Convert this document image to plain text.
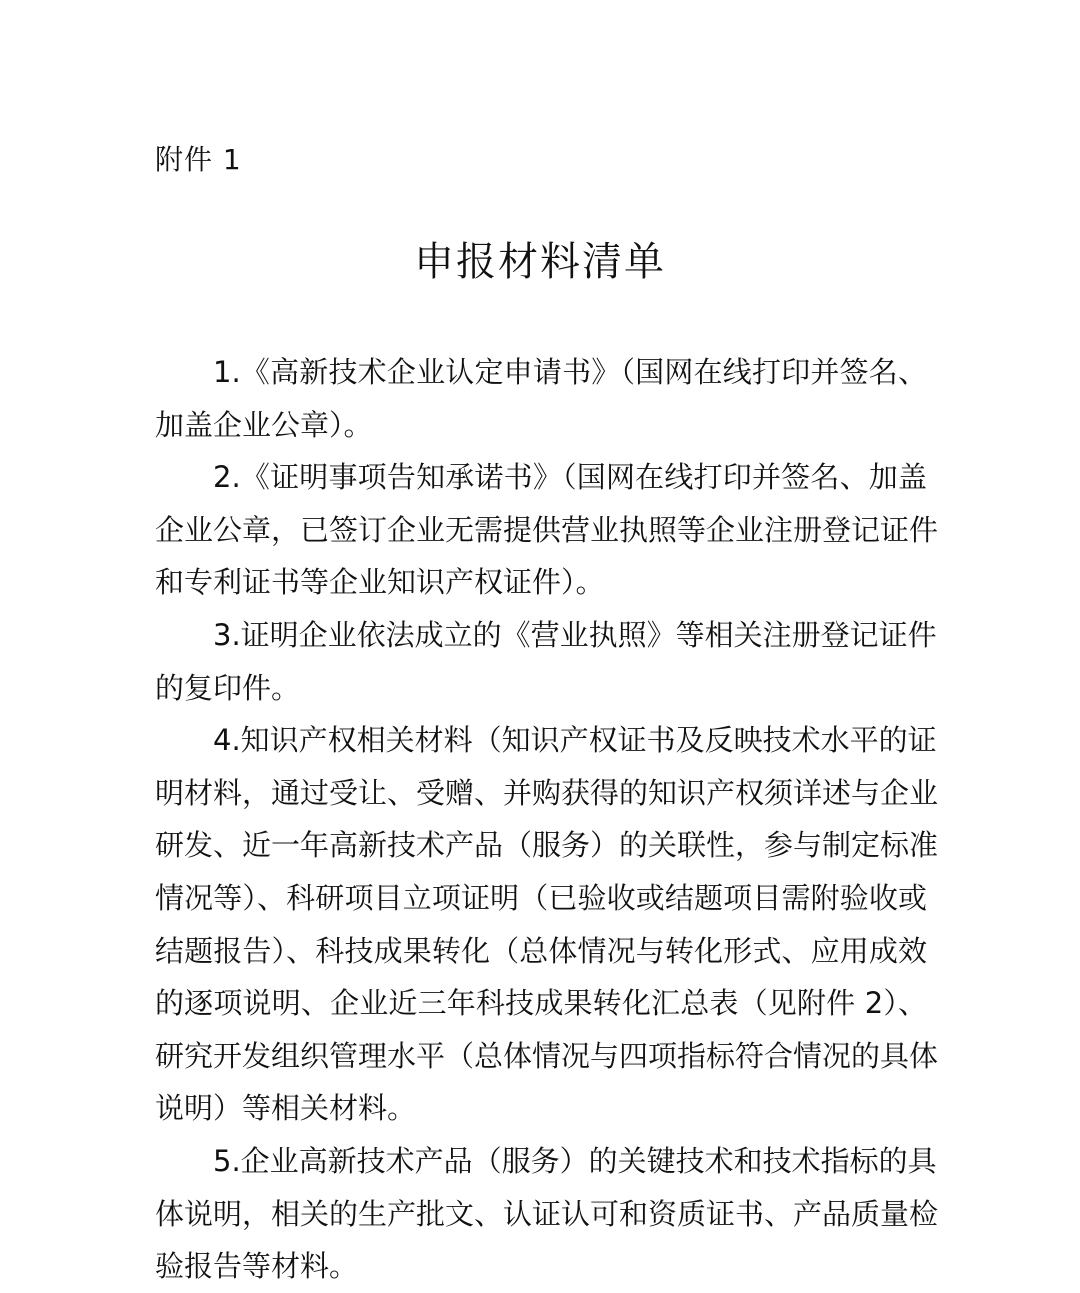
附件 1
申报材料清单
1.《高新技术企业认定申请书》（国网在线打印并签名、
加盖企业公章）。
2.《证明事项告知承诺书》（国网在线打印并签名、加盖
企业公章，已签订企业无需提供营业执照等企业注册登记证件
和专利证书等企业知识产权证件）。
3.证明企业依法成立的《营业执照》等相关注册登记证件
的复印件。
4.知识产权相关材料（知识产权证书及反映技术水平的证
明材料，通过受让、受赠、并购获得的知识产权须详述与企业
研发、近一年高新技术产品（服务）的关联性，参与制定标准
情况等）、科研项目立项证明（已验收或结题项目需附验收或
结题报告）、科技成果转化（总体情况与转化形式、应用成效
的逐项说明、企业近三年科技成果转化汇总表（见附件 2）、
研究开发组织管理水平（总体情况与四项指标符合情况的具体
说明）等相关材料。
5.企业高新技术产品（服务）的关键技术和技术指标的具
体说明，相关的生产批文、认证认可和资质证书、产品质量检
验报告等材料。
